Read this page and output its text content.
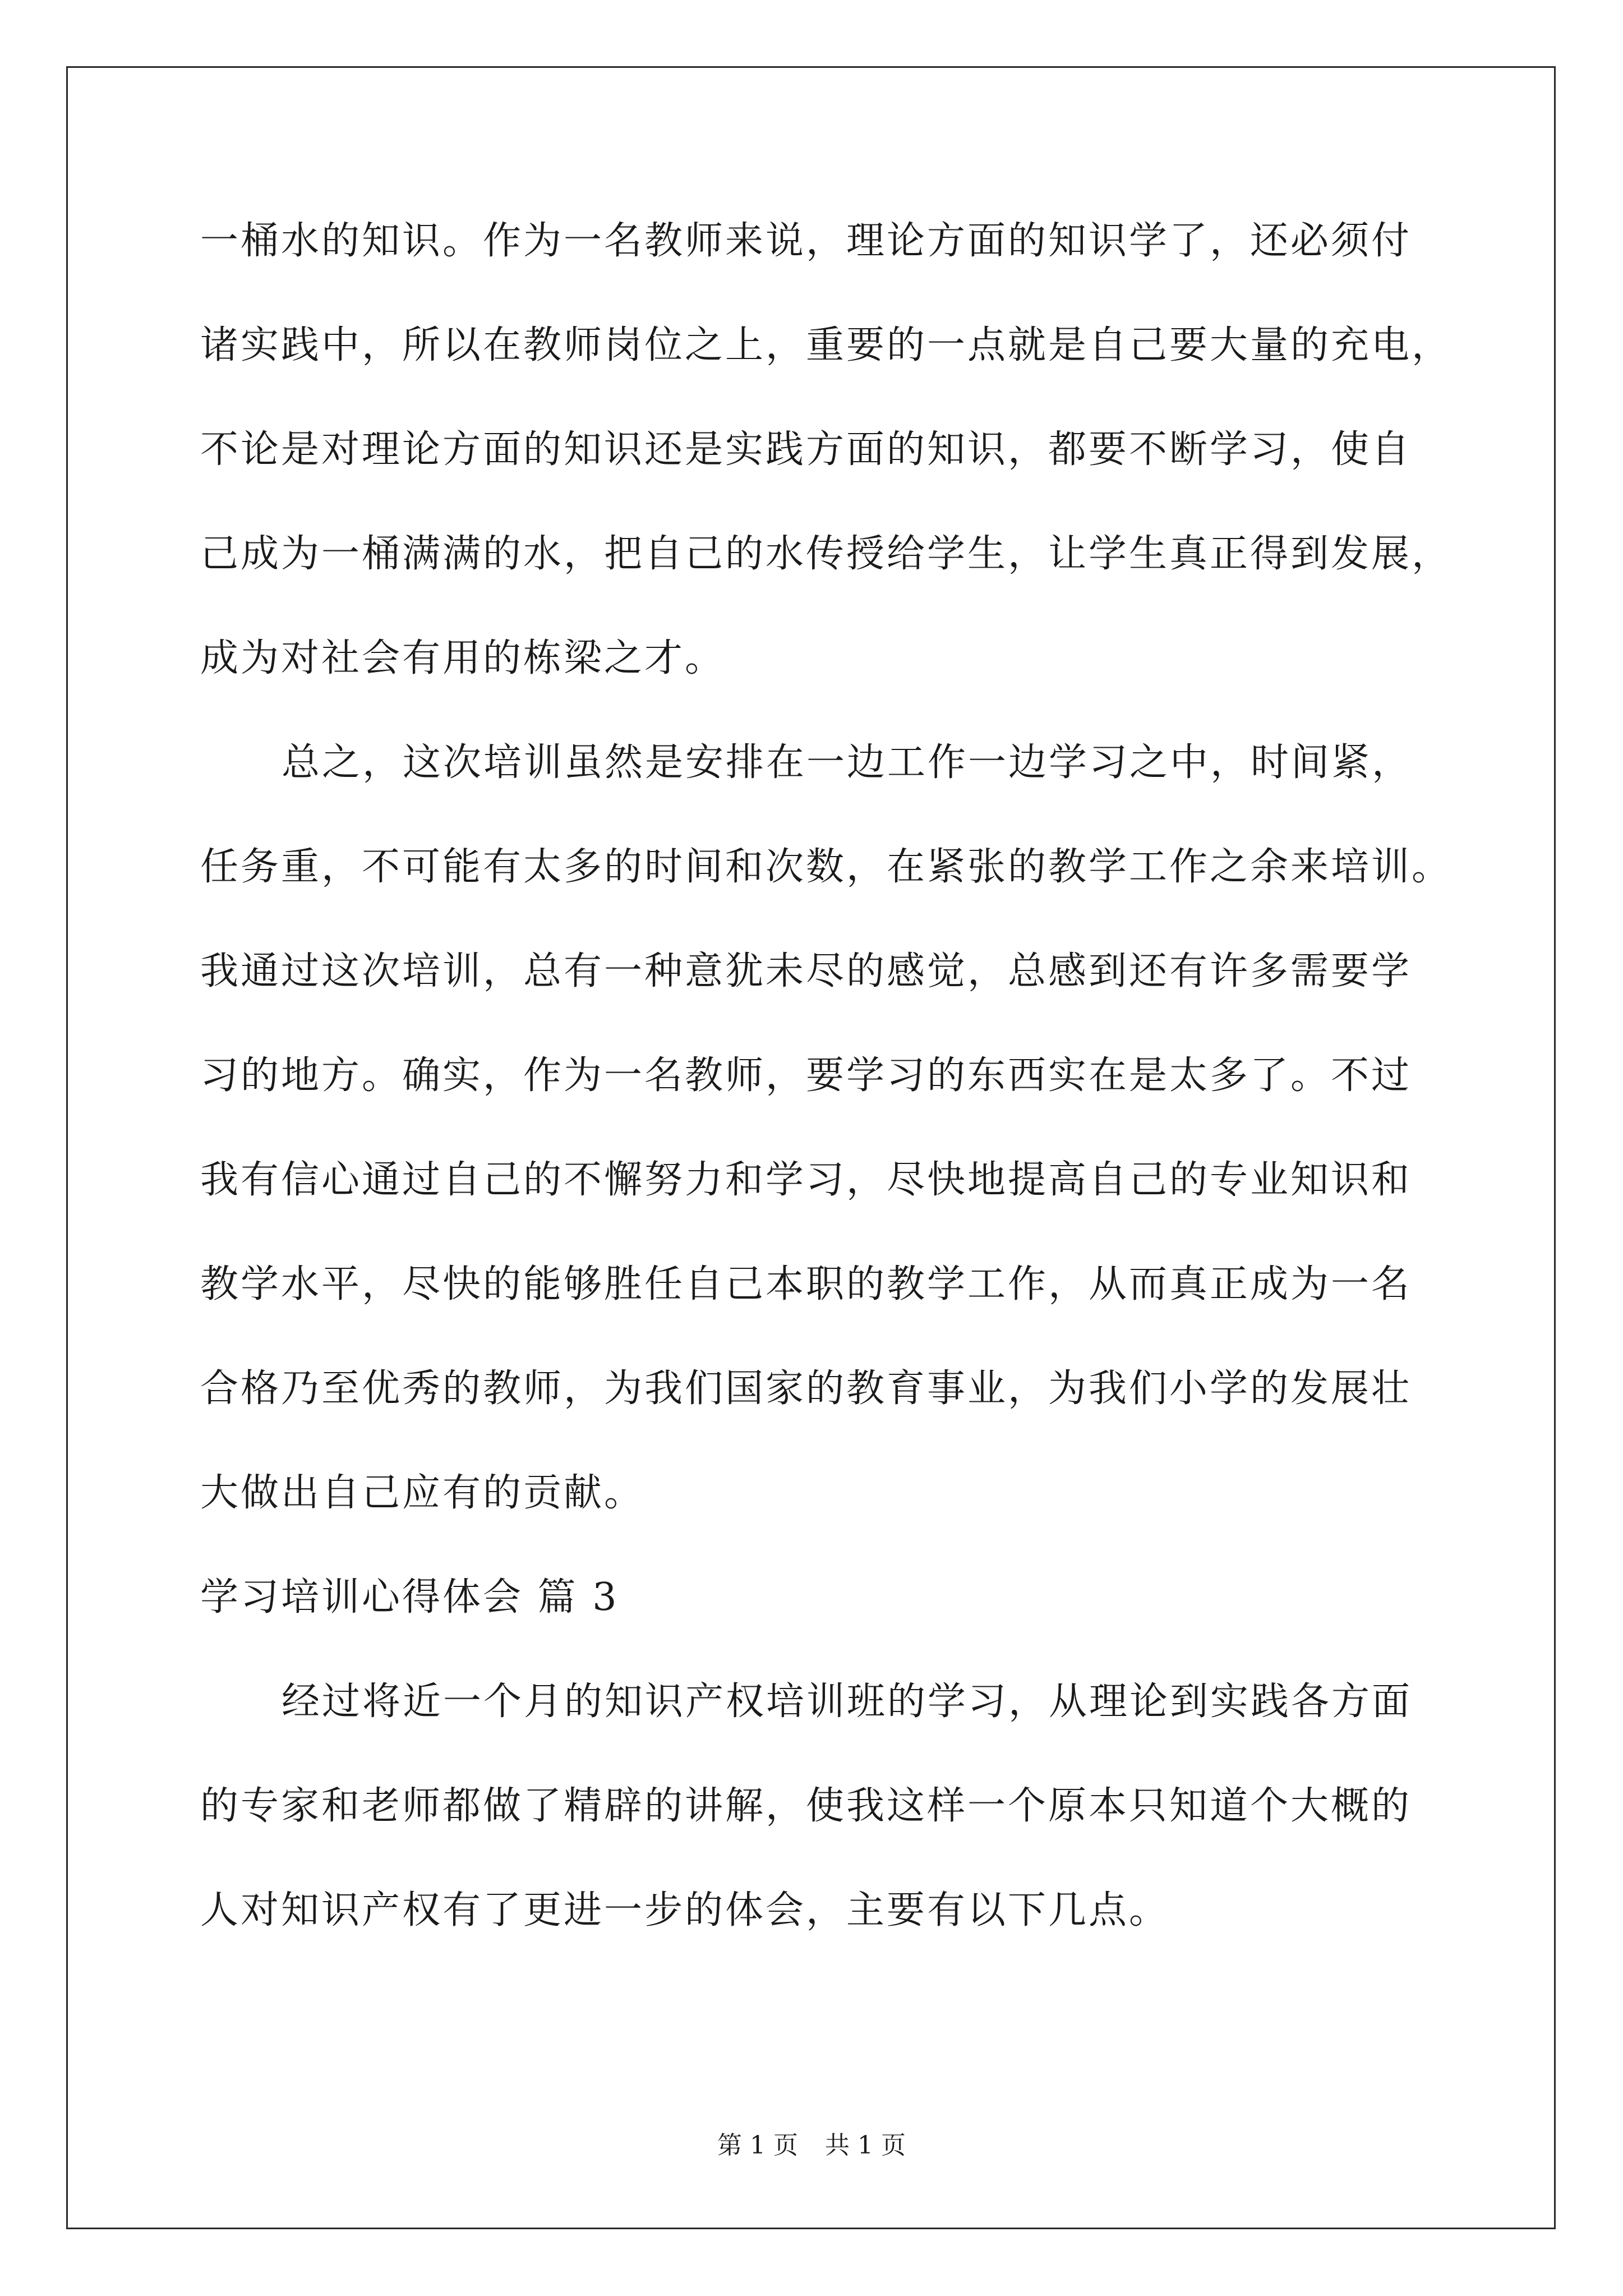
一桶水的知识。作为一名教师来说，理论方面的知识学了，还必须付
诸实践中，所以在教师岗位之上，重要的一点就是自己要大量的充电，
不论是对理论方面的知识还是实践方面的知识，都要不断学习，使自
己成为一桶满满的水，把自己的水传授给学生，让学生真正得到发展，
成为对社会有用的栋梁之才。
总之，这次培训虽然是安排在一边工作一边学习之中，时间紧，
任务重，不可能有太多的时间和次数，在紧张的教学工作之余来培训。
我通过这次培训，总有一种意犹未尽的感觉，总感到还有许多需要学
习的地方。确实，作为一名教师，要学习的东西实在是太多了。不过
我有信心通过自己的不懈努力和学习，尽快地提高自己的专业知识和
教学水平，尽快的能够胜任自己本职的教学工作，从而真正成为一名
合格乃至优秀的教师，为我们国家的教育事业，为我们小学的发展壮
大做出自己应有的贡献。
学习培训心得体会 篇 3
经过将近一个月的知识产权培训班的学习，从理论到实践各方面
的专家和老师都做了精辟的讲解，使我这样一个原本只知道个大概的
人对知识产权有了更进一步的体会，主要有以下几点。
第 1 页 共 1 页
